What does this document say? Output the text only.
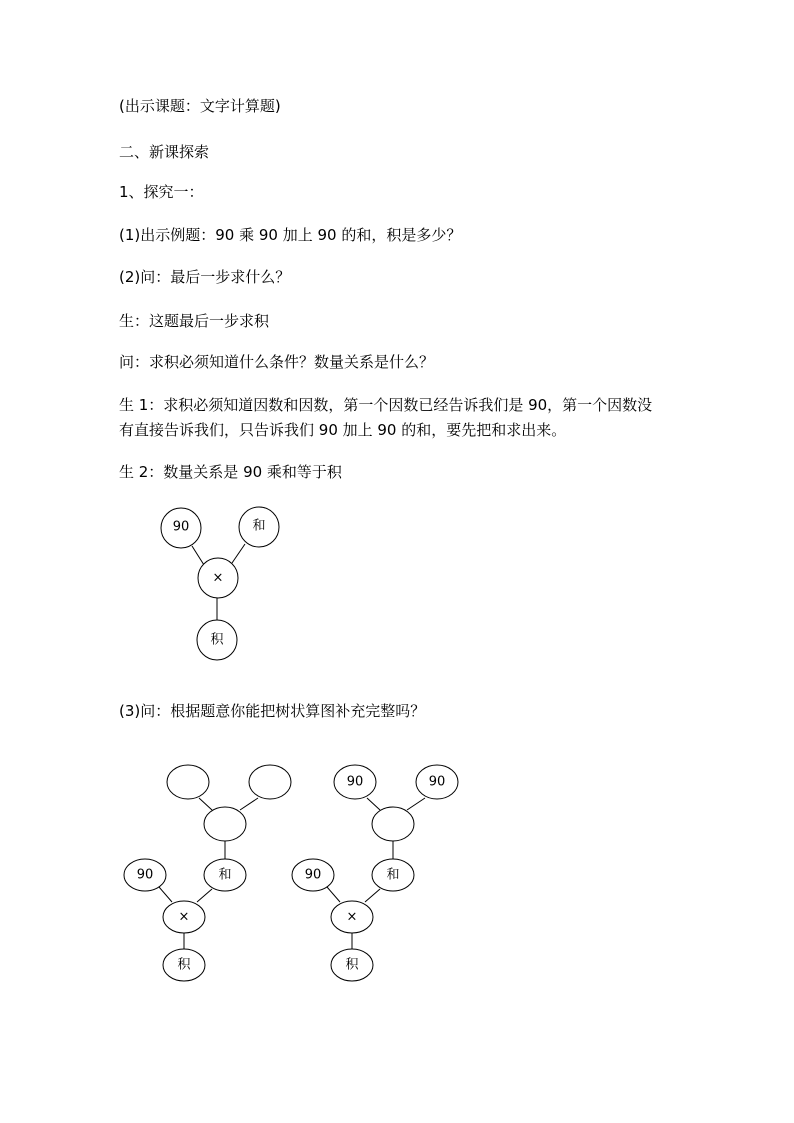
(出示课题：文字计算题)
二、新课探索
1、探究一：
(1)出示例题：90 乘 90 加上 90 的和，积是多少？
(2)问：最后一步求什么？
生：这题最后一步求积
问：求积必须知道什么条件？数量关系是什么？
生 1：求积必须知道因数和因数，第一个因数已经告诉我们是 90，第一个因数没
有直接告诉我们，只告诉我们 90 加上 90 的和，要先把和求出来。
生 2：数量关系是 90 乘和等于积
(3)问：根据题意你能把树状算图补充完整吗？
90	和
×
积
90	和
×
积
90	90
90	和
×
积
